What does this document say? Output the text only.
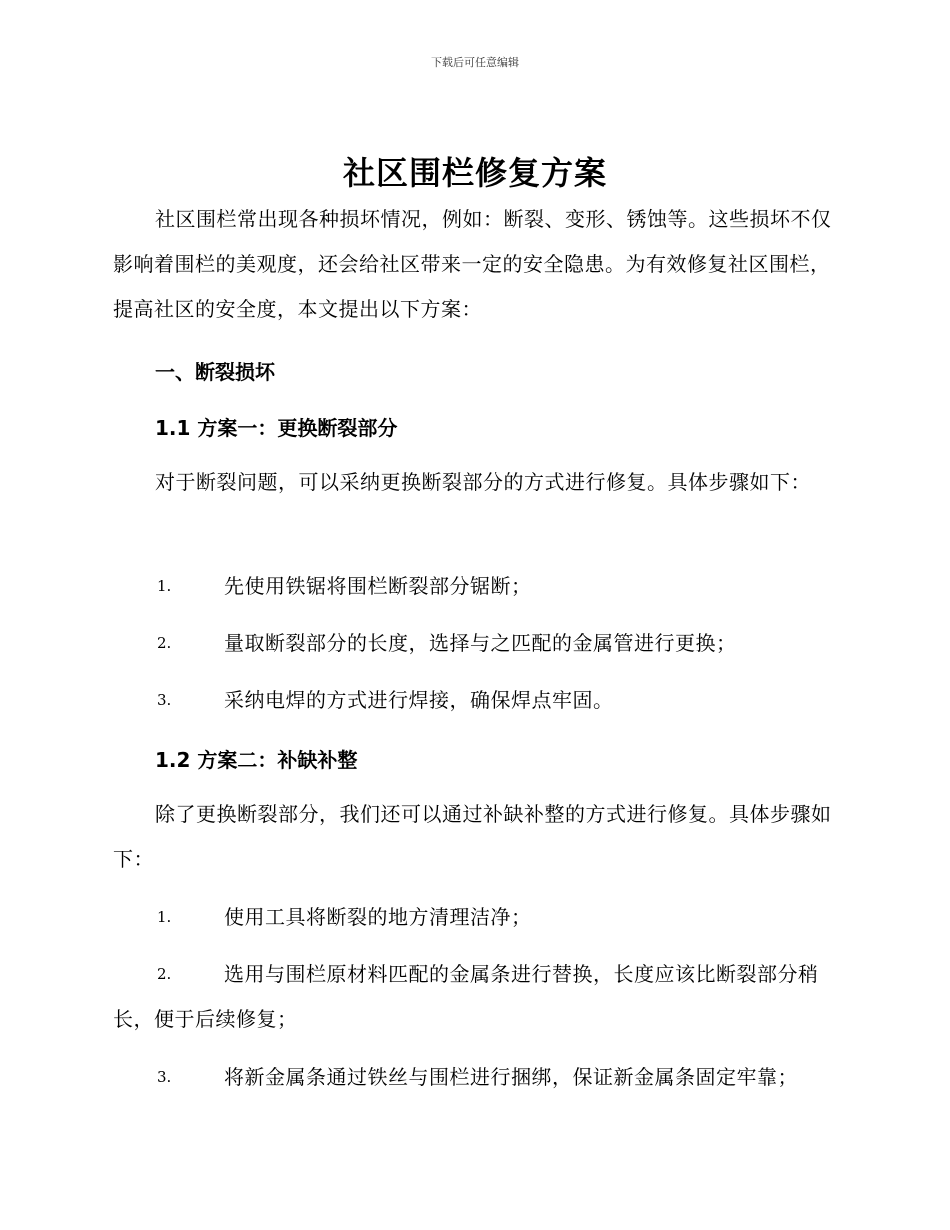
下载后可任意编辑
社区围栏修复方案
社区围栏常出现各种损坏情况，例如：断裂、变形、锈蚀等。这些损坏不仅影响着围栏的美观度，还会给社区带来一定的安全隐患。为有效修复社区围栏，提高社区的安全度，本文提出以下方案：
一、断裂损坏
1.1 方案一：更换断裂部分
对于断裂问题，可以采纳更换断裂部分的方式进行修复。具体步骤如下：
1.	先使用铁锯将围栏断裂部分锯断；
2.	量取断裂部分的长度，选择与之匹配的金属管进行更换；
3.	采纳电焊的方式进行焊接，确保焊点牢固。
1.2 方案二：补缺补整
除了更换断裂部分，我们还可以通过补缺补整的方式进行修复。具体步骤如下：
1.	使用工具将断裂的地方清理洁净；
2.	选用与围栏原材料匹配的金属条进行替换，长度应该比断裂部分稍长，便于后续修复；
3.	将新金属条通过铁丝与围栏进行捆绑，保证新金属条固定牢靠；
